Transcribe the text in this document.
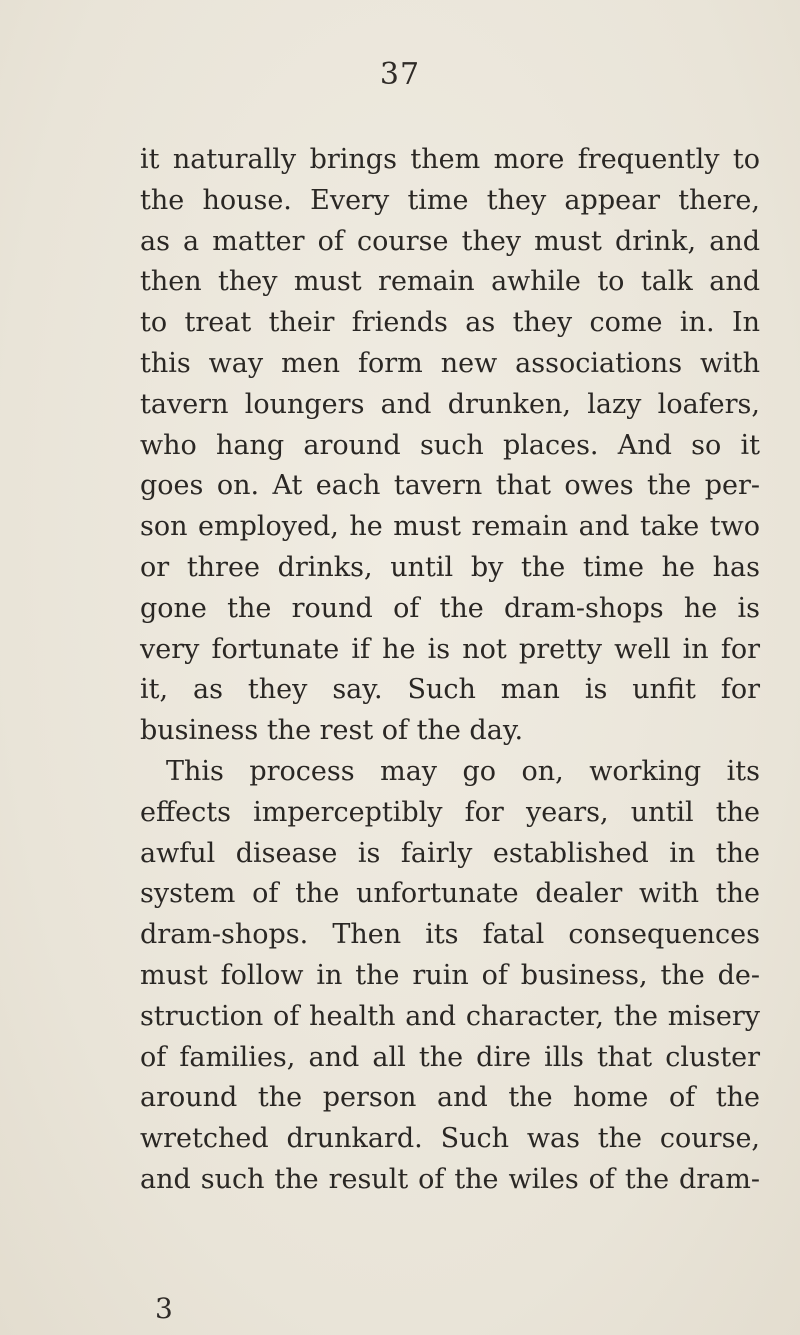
37
it naturally brings them more frequently to
the house. Every time they appear there,
as a matter of course they must drink, and
then they must remain awhile to talk and
to treat their friends as they come in. In
this way men form new associations with
tavern loungers and drunken, lazy loafers,
who hang around such places. And so it
goes on. At each tavern that owes the per-
son employed, he must remain and take two
or three drinks, until by the time he has
gone the round of the dram-shops he is
very fortunate if he is not pretty well in for
it, as they say. Such man is unfit for
business the rest of the day.
This process may go on, working its
effects imperceptibly for years, until the
awful disease is fairly established in the
system of the unfortunate dealer with the
dram-shops. Then its fatal consequences
must follow in the ruin of business, the de-
struction of health and character, the misery
of families, and all the dire ills that cluster
around the person and the home of the
wretched drunkard. Such was the course,
and such the result of the wiles of the dram-
3
